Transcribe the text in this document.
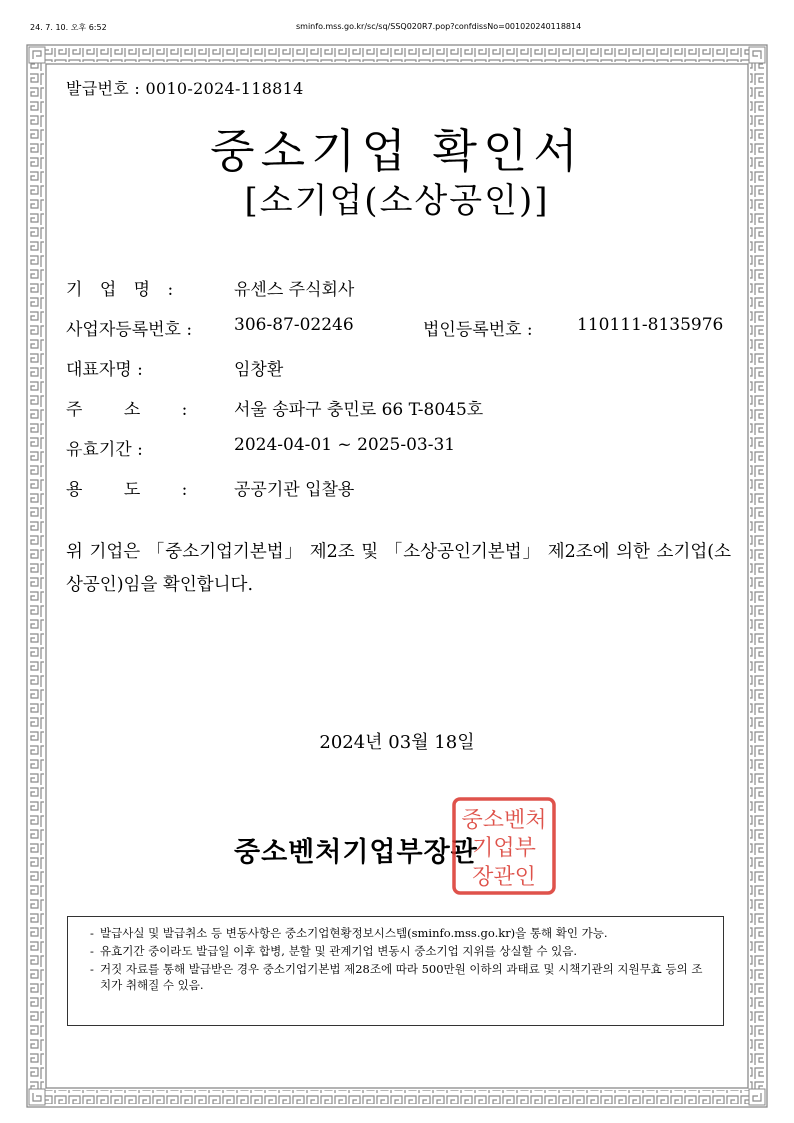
24. 7. 10. 오후 6:52	sminfo.mss.go.kr/sc/sq/SSQ020R7.pop?confdissNo=001020240118814
발급번호 : 0010-2024-118814
중소기업 확인서
[소기업(소상공인)]
기 업 명 :	유센스 주식회사
사업자등록번호 : 306-87-02246	법인등록번호 :	110111-8135976
대표자명 :	임창환
주 소 : 서울 송파구 충민로 66 T-8045호
유효기간 :	2024-04-01 ~ 2025-03-31
용 도 : 공공기관 입찰용
위 기업은 「중소기업기본법」 제2조 및 「소상공인기본법」 제2조에 의한 소기업(소상공인)임을 확인합니다.
2024년 03월 18일
중소벤처기업부장관
중소벤처
기업부
장관인
- 발급사실 및 발급취소 등 변동사항은 중소기업현황정보시스템(sminfo.mss.go.kr)을 통해 확인 가능.
- 유효기간 중이라도 발급일 이후 합병, 분할 및 관계기업 변동시 중소기업 지위를 상실할 수 있음.
- 거짓 자료를 통해 발급받은 경우 중소기업기본법 제28조에 따라 500만원 이하의 과태료 및 시책기관의 지원무효 등의 조치가 취해질 수 있음.
